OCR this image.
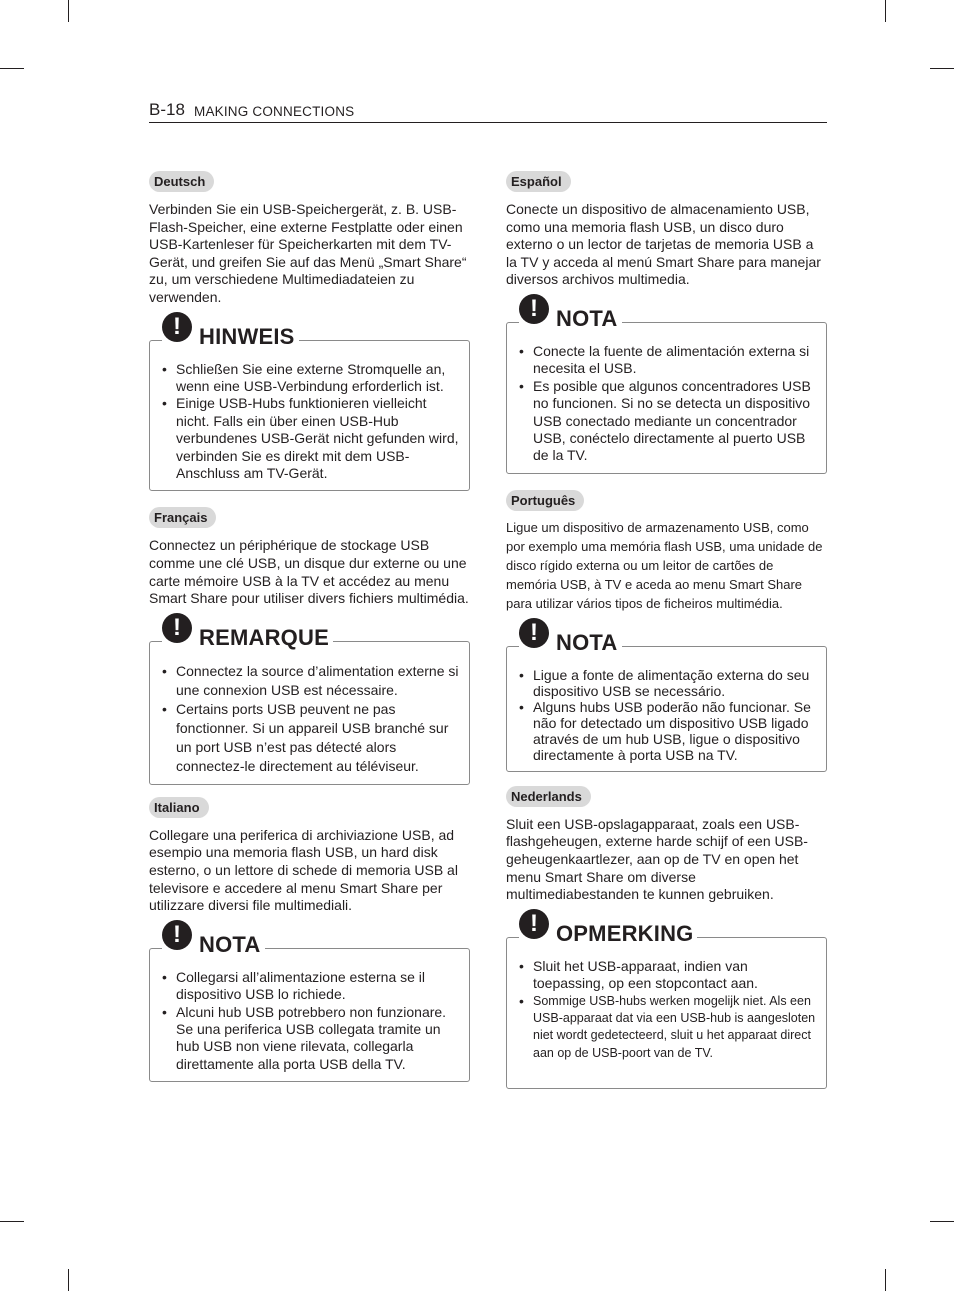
B-18 MAKING CONNECTIONS
Deutsch
Verbinden Sie ein USB-Speichergerät, z. B. USB-Flash-Speicher, eine externe Festplatte oder einen USB-Kartenleser für Speicherkarten mit dem TV-Gerät, und greifen Sie auf das Menü „Smart Share“ zu, um verschiedene Multimediadateien zu verwenden.
! HINWEIS
• Schließen Sie eine externe Stromquelle an, wenn eine USB-Verbindung erforderlich ist.
• Einige USB-Hubs funktionieren vielleicht nicht. Falls ein über einen USB-Hub verbundenes USB-Gerät nicht gefunden wird, verbinden Sie es direkt mit dem USB-Anschluss am TV-Gerät.
Français
Connectez un périphérique de stockage USB comme une clé USB, un disque dur externe ou une carte mémoire USB à la TV et accédez au menu Smart Share pour utiliser divers fichiers multimédia.
! REMARQUE
• Connectez la source d’alimentation externe si une connexion USB est nécessaire.
• Certains ports USB peuvent ne pas fonctionner. Si un appareil USB branché sur un port USB n’est pas détecté alors connectez-le directement au téléviseur.
Italiano
Collegare una periferica di archiviazione USB, ad esempio una memoria flash USB, un hard disk esterno, o un lettore di schede di memoria USB al televisore e accedere al menu Smart Share per utilizzare diversi file multimediali.
! NOTA
• Collegarsi all’alimentazione esterna se il dispositivo USB lo richiede.
• Alcuni hub USB potrebbero non funzionare. Se una periferica USB collegata tramite un hub USB non viene rilevata, collegarla direttamente alla porta USB della TV.
Español
Conecte un dispositivo de almacenamiento USB, como una memoria flash USB, un disco duro externo o un lector de tarjetas de memoria USB a la TV y acceda al menú Smart Share para manejar diversos archivos multimedia.
! NOTA
• Conecte la fuente de alimentación externa si necesita el USB.
• Es posible que algunos concentradores USB no funcionen. Si no se detecta un dispositivo USB conectado mediante un concentrador USB, conéctelo directamente al puerto USB de la TV.
Português
Ligue um dispositivo de armazenamento USB, como por exemplo uma memória flash USB, uma unidade de disco rígido externa ou um leitor de cartões de memória USB, à TV e aceda ao menu Smart Share para utilizar vários tipos de ficheiros multimédia.
! NOTA
• Ligue a fonte de alimentação externa do seu dispositivo USB se necessário.
• Alguns hubs USB poderão não funcionar. Se não for detectado um dispositivo USB ligado através de um hub USB, ligue o dispositivo directamente à porta USB na TV.
Nederlands
Sluit een USB-opslagapparaat, zoals een USB-flashgeheugen, externe harde schijf of een USB-geheugenkaartlezer, aan op de TV en open het menu Smart Share om diverse multimediabestanden te kunnen gebruiken.
! OPMERKING
• Sluit het USB-apparaat, indien van toepassing, op een stopcontact aan.
• Sommige USB-hubs werken mogelijk niet. Als een USB-apparaat dat via een USB-hub is aangesloten niet wordt gedetecteerd, sluit u het apparaat direct aan op de USB-poort van de TV.
